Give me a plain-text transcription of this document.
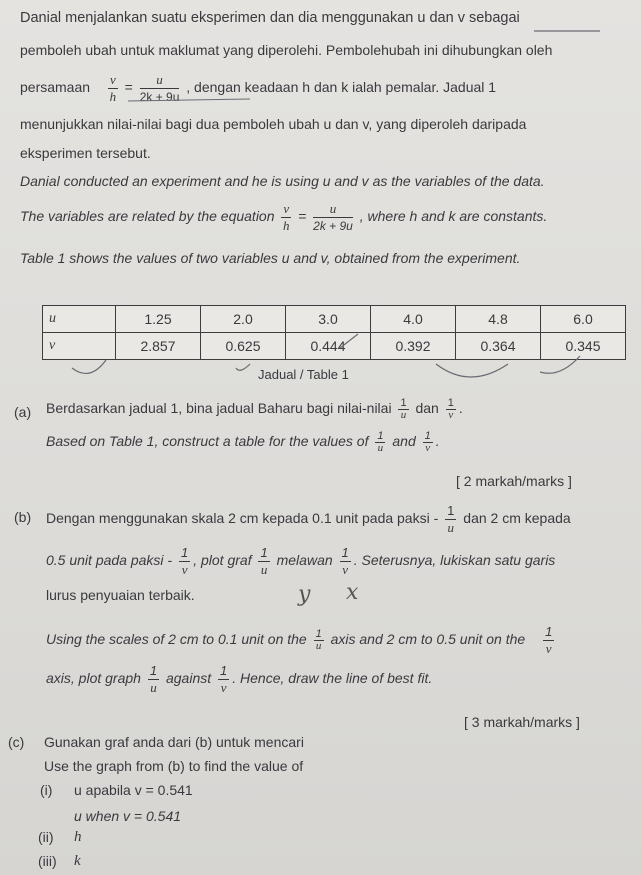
Danial menjalankan suatu eksperimen dan dia menggunakan u dan v sebagai
pemboleh ubah untuk maklumat yang diperolehi. Pembolehubah ini dihubungkan oleh
persamaan $\frac{v}{h} = \frac{u}{2k + 9u}$ , dengan keadaan h dan k ialah pemalar. Jadual 1
menunjukkan nilai-nilai bagi dua pemboleh ubah u dan v, yang diperoleh daripada
eksperimen tersebut.
Danial conducted an experiment and he is using u and v as the variables of the data.
The variables are related by the equation $\frac{v}{h} = \frac{u}{2k + 9u}$ , where h and k are constants.
Table 1 shows the values of two variables u and v, obtained from the experiment.
u	1.25	2.0	3.0	4.0	4.8	6.0
v	2.857	0.625	0.444	0.392	0.364	0.345
Jadual / Table 1
(a) Berdasarkan jadual 1, bina jadual Baharu bagi nilai-nilai $\frac{1}{u}$ dan $\frac{1}{v}$ .
Based on Table 1, construct a table for the values of $\frac{1}{u}$ and $\frac{1}{v}$ .
[ 2 markah/marks ]
(b) Dengan menggunakan skala 2 cm kepada 0.1 unit pada paksi - $\frac{1}{u}$ dan 2 cm kepada
0.5 unit pada paksi - $\frac{1}{v}$ , plot graf $\frac{1}{u}$ melawan $\frac{1}{v}$ . Seterusnya, lukiskan satu garis
lurus penyuaian terbaik.	y x
Using the scales of 2 cm to 0.1 unit on the $\frac{1}{u}$ axis and 2 cm to 0.5 unit on the $\frac{1}{v}$
axis, plot graph $\frac{1}{u}$ against $\frac{1}{v}$ . Hence, draw the line of best fit.
[ 3 markah/marks ]
(c) Gunakan graf anda dari (b) untuk mencari
Use the graph from (b) to find the value of
(i) u apabila v = 0.541
u when v = 0.541
(ii) h
(iii) k
